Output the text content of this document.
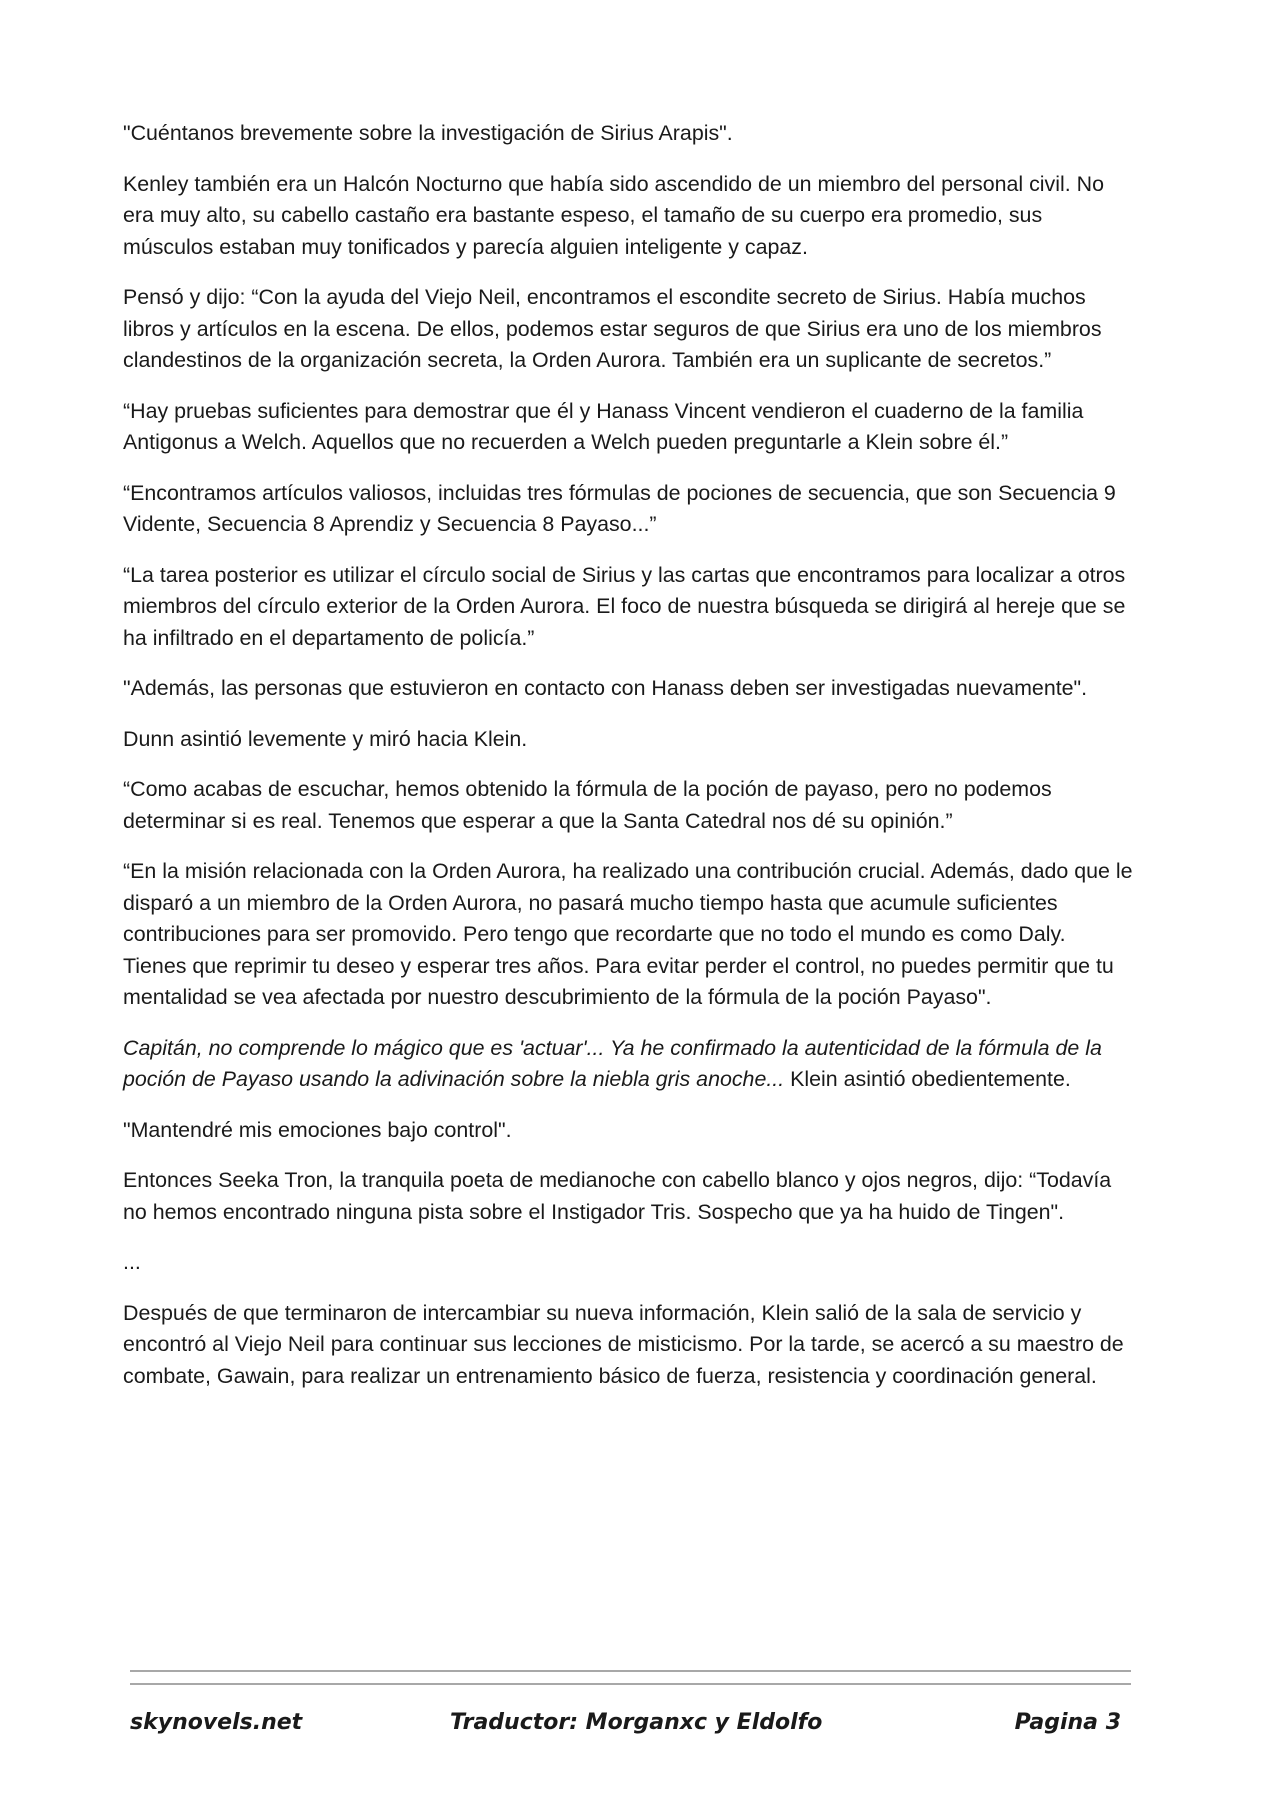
"Cuéntanos brevemente sobre la investigación de Sirius Arapis".

Kenley también era un Halcón Nocturno que había sido ascendido de un miembro del personal civil. No era muy alto, su cabello castaño era bastante espeso, el tamaño de su cuerpo era promedio, sus músculos estaban muy tonificados y parecía alguien inteligente y capaz.

Pensó y dijo: “Con la ayuda del Viejo Neil, encontramos el escondite secreto de Sirius. Había muchos libros y artículos en la escena. De ellos, podemos estar seguros de que Sirius era uno de los miembros clandestinos de la organización secreta, la Orden Aurora. También era un suplicante de secretos.”

“Hay pruebas suficientes para demostrar que él y Hanass Vincent vendieron el cuaderno de la familia Antigonus a Welch. Aquellos que no recuerden a Welch pueden preguntarle a Klein sobre él.”

“Encontramos artículos valiosos, incluidas tres fórmulas de pociones de secuencia, que son Secuencia 9 Vidente, Secuencia 8 Aprendiz y Secuencia 8 Payaso...”

“La tarea posterior es utilizar el círculo social de Sirius y las cartas que encontramos para localizar a otros miembros del círculo exterior de la Orden Aurora. El foco de nuestra búsqueda se dirigirá al hereje que se ha infiltrado en el departamento de policía.”

"Además, las personas que estuvieron en contacto con Hanass deben ser investigadas nuevamente".

Dunn asintió levemente y miró hacia Klein.

“Como acabas de escuchar, hemos obtenido la fórmula de la poción de payaso, pero no podemos determinar si es real. Tenemos que esperar a que la Santa Catedral nos dé su opinión.”

“En la misión relacionada con la Orden Aurora, ha realizado una contribución crucial. Además, dado que le disparó a un miembro de la Orden Aurora, no pasará mucho tiempo hasta que acumule suficientes contribuciones para ser promovido. Pero tengo que recordarte que no todo el mundo es como Daly. Tienes que reprimir tu deseo y esperar tres años. Para evitar perder el control, no puedes permitir que tu mentalidad se vea afectada por nuestro descubrimiento de la fórmula de la poción Payaso".

Capitán, no comprende lo mágico que es 'actuar'... Ya he confirmado la autenticidad de la fórmula de la poción de Payaso usando la adivinación sobre la niebla gris anoche... Klein asintió obedientemente.

"Mantendré mis emociones bajo control".

Entonces Seeka Tron, la tranquila poeta de medianoche con cabello blanco y ojos negros, dijo: “Todavía no hemos encontrado ninguna pista sobre el Instigador Tris. Sospecho que ya ha huido de Tingen".

...

Después de que terminaron de intercambiar su nueva información, Klein salió de la sala de servicio y encontró al Viejo Neil para continuar sus lecciones de misticismo. Por la tarde, se acercó a su maestro de combate, Gawain, para realizar un entrenamiento básico de fuerza, resistencia y coordinación general.

skynovels.net	Traductor: Morganxc y Eldolfo	Pagina 3
